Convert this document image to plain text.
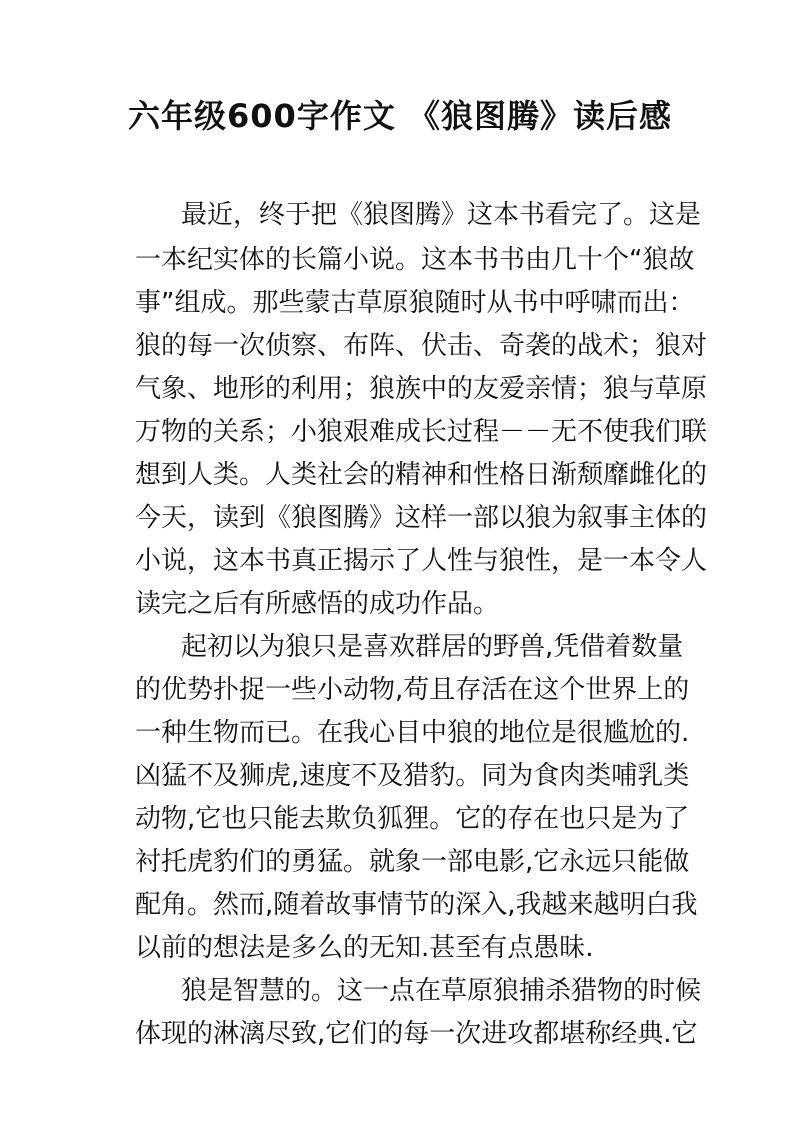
六年级600字作文 《狼图腾》读后感
最近，终于把《狼图腾》这本书看完了。这是
一本纪实体的长篇小说。这本书书由几十个“狼故
事”组成。那些蒙古草原狼随时从书中呼啸而出：
狼的每一次侦察、布阵、伏击、奇袭的战术；狼对
气象、地形的利用；狼族中的友爱亲情；狼与草原
万物的关系；小狼艰难成长过程－－无不使我们联
想到人类。人类社会的精神和性格日渐颓靡雌化的
今天，读到《狼图腾》这样一部以狼为叙事主体的
小说，这本书真正揭示了人性与狼性，是一本令人
读完之后有所感悟的成功作品。
起初以为狼只是喜欢群居的野兽,凭借着数量
的优势扑捉一些小动物,苟且存活在这个世界上的
一种生物而已。在我心目中狼的地位是很尴尬的.
凶猛不及狮虎,速度不及猎豹。同为食肉类哺乳类
动物,它也只能去欺负狐狸。它的存在也只是为了
衬托虎豹们的勇猛。就象一部电影,它永远只能做
配角。然而,随着故事情节的深入,我越来越明白我
以前的想法是多么的无知.甚至有点愚昧.
狼是智慧的。这一点在草原狼捕杀猎物的时候
体现的淋漓尽致,它们的每一次进攻都堪称经典.它
